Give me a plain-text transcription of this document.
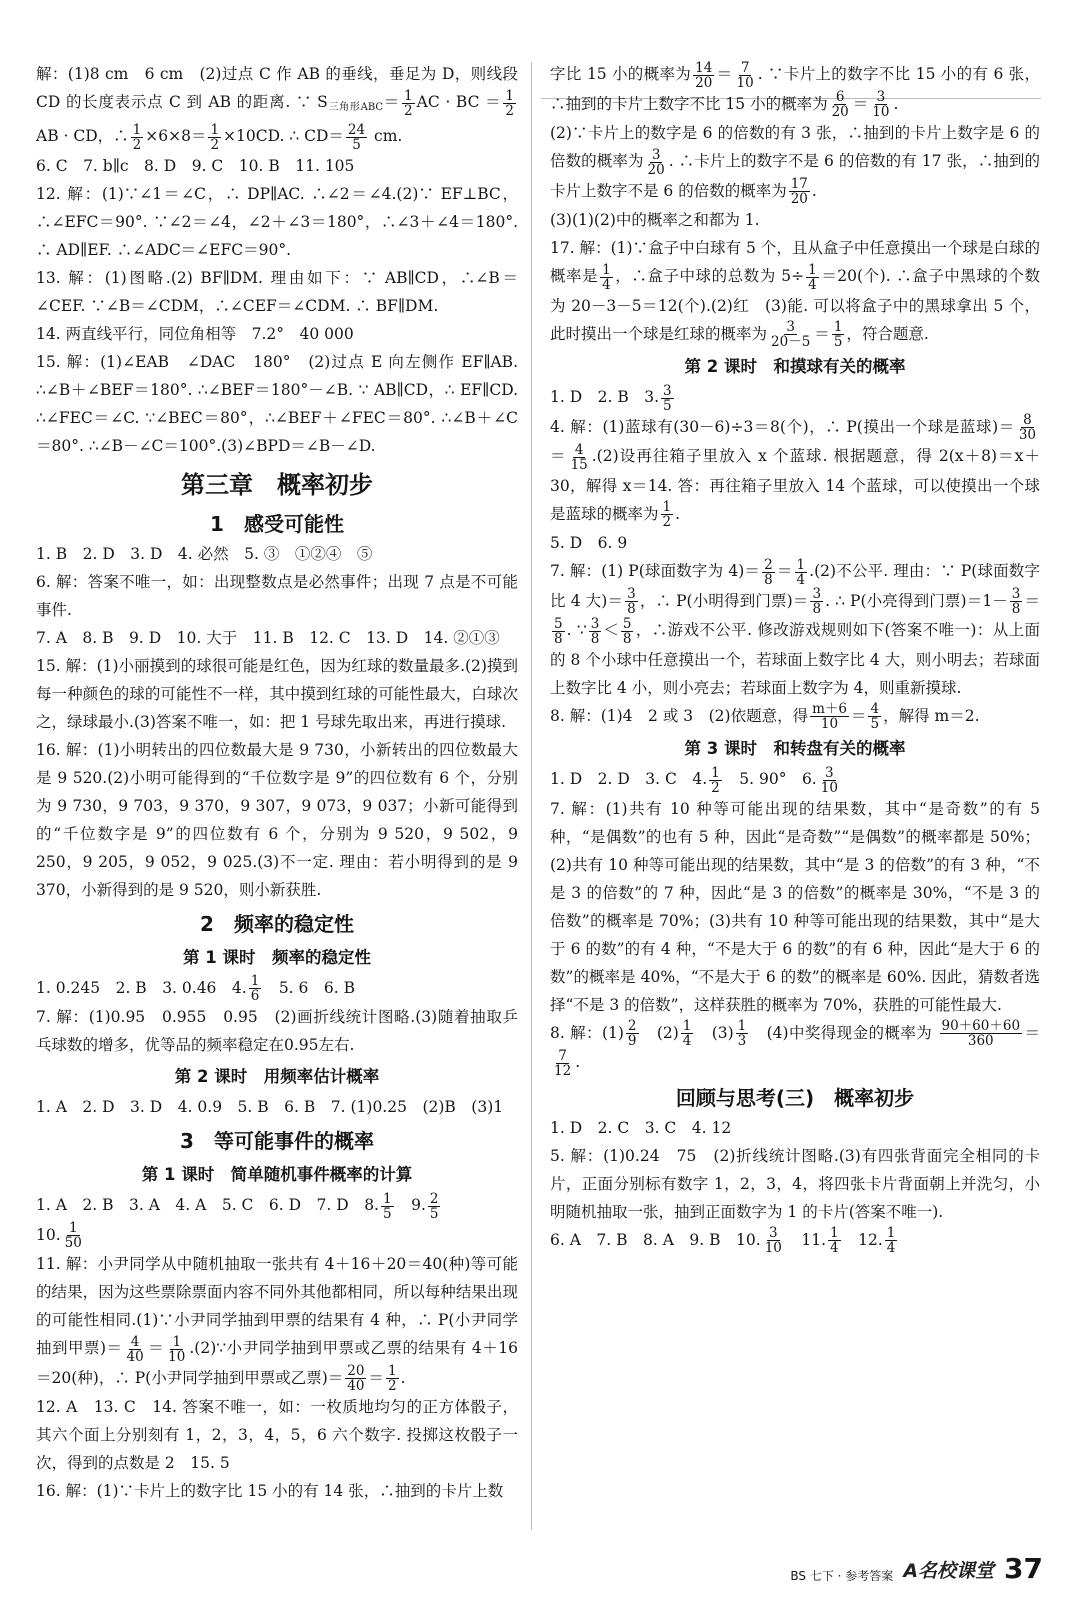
解：(1)8 cm　6 cm　(2)过点 C 作 AB 的垂线，垂足为 D，则线段 CD 的长度表示点 C 到 AB 的距离. ∵ $S_{三角形ABC}= \frac{1}{2}$ AC · BC ＝ $\frac{1}{2}$
AB · CD，∴ $\frac{1}{2} \times 6\times 8= \frac{1}{2} \times 10CD$. ∴ $CD= \frac{24}{5}$ cm.

6. C　7. b∥c　8. D　9. C　10. B　11. 105

12. 解：(1)∵∠1＝∠C，∴ DP∥AC. ∴∠2＝∠4.(2)∵ EF⊥BC，∴∠EFC＝90°. ∵∠2＝∠4，∠2＋∠3＝180°，∴∠3＋∠4＝180°. ∴ AD∥EF. ∴∠ADC＝∠EFC＝90°.

13. 解：(1)图略.(2) BF∥DM. 理由如下：∵ AB∥CD，∴∠B＝∠CEF. ∵∠B＝∠CDM，∴∠CEF＝∠CDM. ∴ BF∥DM.

14. 两直线平行，同位角相等　7.2°　40 000

15. 解：(1)∠EAB　∠DAC　180°　(2)过点 E 向左侧作 EF∥AB. ∴∠B＋∠BEF＝180°. ∴∠BEF＝180°－∠B. ∵ AB∥CD，∴ EF∥CD. ∴∠FEC＝∠C. ∵∠BEC＝80°，∴∠BEF＋∠FEC＝80°. ∴∠B＋∠C＝80°. ∴∠B－∠C＝100°.(3)∠BPD＝∠B－∠D.

第三章　概率初步
1　感受可能性

1. B　2. D　3. D　4. 必然　5. ③　①②④　⑤

6. 解：答案不唯一，如：出现整数点是必然事件；出现 7 点是不可能事件.

7. A　8. B　9. D　10. 大于　11. B　12. C　13. D　14. ②①③

15. 解：(1)小丽摸到的球很可能是红色，因为红球的数量最多.(2)摸到每一种颜色的球的可能性不一样，其中摸到红球的可能性最大，白球次之，绿球最小.(3)答案不唯一，如：把 1 号球先取出来，再进行摸球.

16. 解：(1)小明转出的四位数最大是 9 730，小新转出的四位数最大是 9 520.(2)小明可能得到的“千位数字是 9”的四位数有 6 个，分别为 9 730，9 703，9 370，9 307，9 073，9 037；小新可能得到的“千位数字是 9”的四位数有 6 个，分别为 9 520，9 502，9 250，9 205，9 052，9 025.(3)不一定. 理由：若小明得到的是 9 370，小新得到的是 9 520，则小新获胜.

2　频率的稳定性
第 1 课时　频率的稳定性

1. 0.245　2. B　3. 0.46　4. $\frac{1}{6}$ 　5. 6　6. B

7. 解：(1)0.95　0.955　0.95　(2)画折线统计图略.(3)随着抽取乒乓球数的增多，优等品的频率稳定在0.95左右.

第 2 课时　用频率估计概率

1. A　2. D　3. D　4. 0.9　5. B　6. B　7. (1)0.25　(2)B　(3)1

3　等可能事件的概率
第 1 课时　简单随机事件概率的计算

1. A　2. B　3. A　4. A　5. C　6. D　7. D　8. $\frac{1}{5}$ 　9. $\frac{2}{5}$

10. $\frac{1}{50}$

11. 解：小尹同学从中随机抽取一张共有 4＋16＋20＝40(种)等可能的结果，因为这些票除票面内容不同外其他都相同，所以每种结果出现的可能性相同.(1)∵小尹同学抽到甲票的结果有 4 种，∴ P(小尹同学抽到甲票)＝ $\frac{4}{40} = \frac{1}{10}$ .(2)∵小尹同学抽到甲票或乙票的结果有 4＋16＝20(种)，∴ P(小尹同学抽到甲票或乙票)＝ $\frac{20}{40} = \frac{1}{2}$ .

12. A　13. C　14. 答案不唯一，如：一枚质地均匀的正方体骰子，其六个面上分别刻有 1，2，3，4，5，6 六个数字. 投掷这枚骰子一次，得到的点数是 2　15. 5

16. 解：(1)∵卡片上的数字比 15 小的有 14 张，∴抽到的卡片上数

字比 15 小的概率为 $\frac{14}{20} = \frac{7}{10}$ . ∵卡片上的数字不比 15 小的有 6 张，∴抽到的卡片上数字不比 15 小的概率为 $\frac{6}{20} = \frac{3}{10}$ .

(2)∵卡片上的数字是 6 的倍数的有 3 张，∴抽到的卡片上数字是 6 的倍数的概率为 $\frac{3}{20}$ . ∴卡片上的数字不是 6 的倍数的有 17 张，∴抽到的卡片上数字不是 6 的倍数的概率为 $\frac{17}{20}$ .

(3)(1)(2)中的概率之和都为 1.

17. 解：(1)∵盒子中白球有 5 个，且从盒子中任意摸出一个球是白球的概率是 $\frac{1}{4}$ ，∴盒子中球的总数为 $5\div \frac{1}{4} =20$(个). ∴盒子中黑球的个数为 20－3－5＝12(个).(2)红　(3)能. 可以将盒子中的黑球拿出 5 个，此时摸出一个球是红球的概率为 $\frac{3}{20-5} = \frac{1}{5}$ ，符合题意.

第 2 课时　和摸球有关的概率

1. D　2. B　3. $\frac{3}{5}$

4. 解：(1)蓝球有(30－6)÷3＝8(个)，∴ P(摸出一个球是蓝球)＝ $\frac{8}{30}$
＝ $\frac{4}{15} .(2)$设再往箱子里放入 x 个蓝球. 根据题意，得 2(x＋8)＝x＋30，解得 x＝14. 答：再往箱子里放入 14 个蓝球，可以使摸出一个球是蓝球的概率为 $\frac{1}{2}$ .

5. D　6. 9

7. 解：(1) P(球面数字为 $4)= \frac{2}{8} = \frac{1}{4} .(2)$不公平. 理由：∵ P(球面数字比 4 大)＝ $\frac{3}{8}$ ，∴ P(小明得到门票)＝ $\frac{3}{8}$ . ∴ P(小亮得到门票)$=1- \frac{3}{8}$ ＝
$\frac{5}{8}$ . ∵ $\frac{3}{8} < \frac{5}{8}$ ，∴游戏不公平. 修改游戏规则如下(答案不唯一)：从上面的 8 个小球中任意摸出一个，若球面上数字比 4 大，则小明去；若球面上数字比 4 小，则小亮去；若球面上数字为 4，则重新摸球.

8. 解：(1)4　2 或 3　(2)依题意，得 $\frac{m+6}{10} = \frac{4}{5}$ ，解得 m＝2.

第 3 课时　和转盘有关的概率

1. D　2. D　3. C　4. $\frac{1}{2}$ 　5. 90°　6. $\frac{3}{10}$

7. 解：(1)共有 10 种等可能出现的结果数，其中“是奇数”的有 5 种，“是偶数”的也有 5 种，因此“是奇数”“是偶数”的概率都是 50%；(2)共有 10 种等可能出现的结果数，其中“是 3 的倍数”的有 3 种，“不是 3 的倍数”的 7 种，因此“是 3 的倍数”的概率是 30%，“不是 3 的倍数”的概率是 70%；(3)共有 10 种等可能出现的结果数，其中“是大于 6 的数”的有 4 种，“不是大于 6 的数”的有 6 种，因此“是大于 6 的数”的概率是 40%，“不是大于 6 的数”的概率是 60%. 因此，猜数者选择“不是 3 的倍数”，这样获胜的概率为 70%，获胜的可能性最大.

8. 解：$(1) \frac{2}{9}$ 　$(2) \frac{1}{4}$ 　$(3) \frac{1}{3}$ 　(4)中奖得现金的概率为 $\frac{90+60+60}{360}$ ＝
$\frac{7}{12}$ .

回顾与思考(三)　概率初步

1. D　2. C　3. C　4. 12

5. 解：(1)0.24　75　(2)折线统计图略.(3)有四张背面完全相同的卡片，正面分别标有数字 1，2，3，4，将四张卡片背面朝上并洗匀，小明随机抽取一张，抽到正面数字为 1 的卡片(答案不唯一).

6. A　7. B　8. A　9. B　10. $\frac{3}{10}$ 　11. $\frac{1}{4}$ 　12. $\frac{1}{4}$

BS 七下 · 参考答案 A名校课堂 37
